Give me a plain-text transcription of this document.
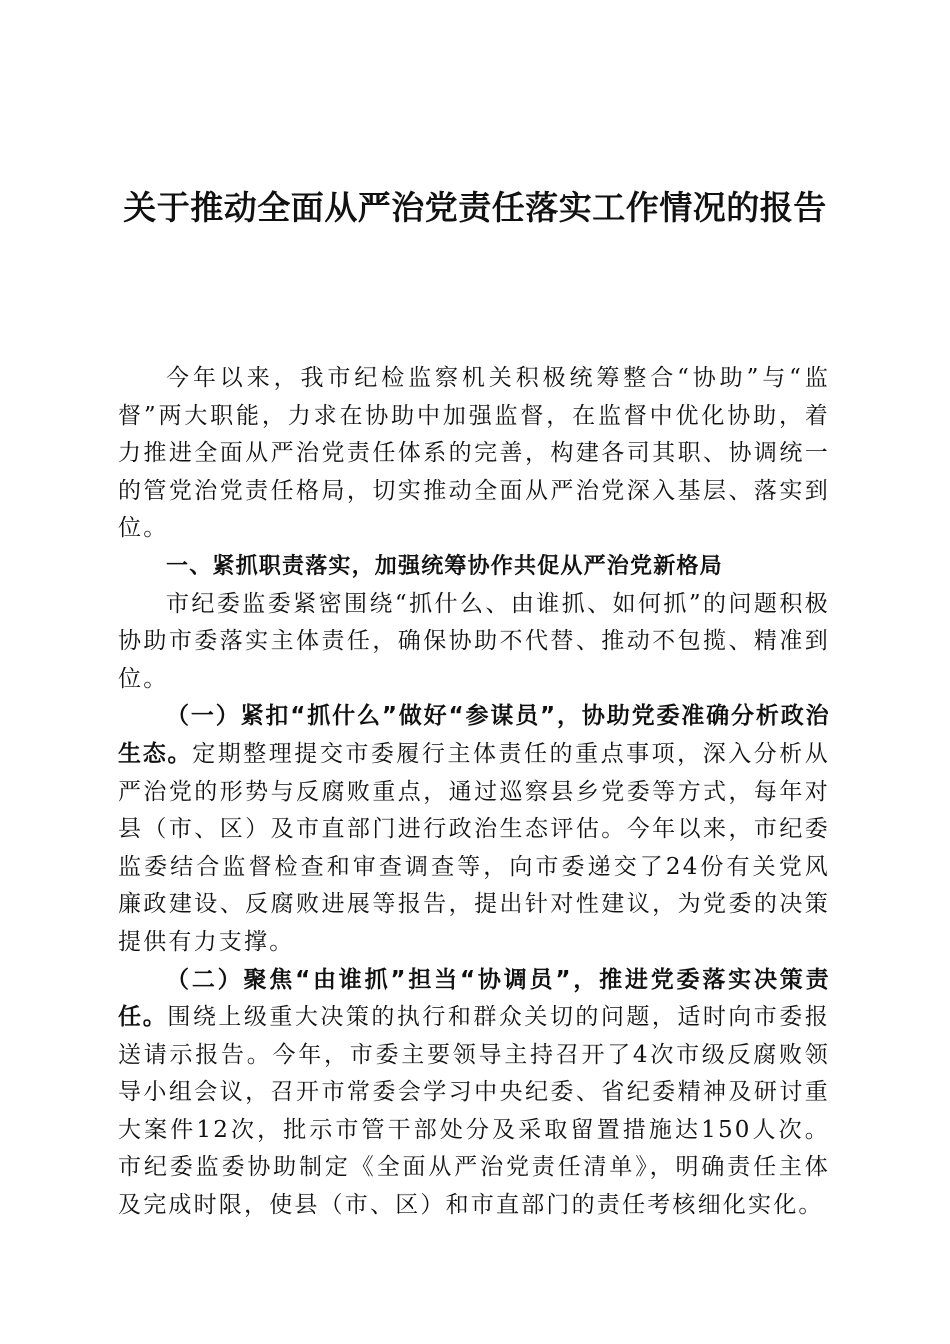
关于推动全面从严治党责任落实工作情况的报告

今年以来，我市纪检监察机关积极统筹整合“协助”与“监督”两大职能，力求在协助中加强监督，在监督中优化协助，着力推进全面从严治党责任体系的完善，构建各司其职、协调统一的管党治党责任格局，切实推动全面从严治党深入基层、落实到位。

一、紧抓职责落实，加强统筹协作共促从严治党新格局

市纪委监委紧密围绕“抓什么、由谁抓、如何抓”的问题积极协助市委落实主体责任，确保协助不代替、推动不包揽、精准到位。

（一）紧扣“抓什么”做好“参谋员”，协助党委准确分析政治生态。定期整理提交市委履行主体责任的重点事项，深入分析从严治党的形势与反腐败重点，通过巡察县乡党委等方式，每年对县（市、区）及市直部门进行政治生态评估。今年以来，市纪委监委结合监督检查和审查调查等，向市委递交了24份有关党风廉政建设、反腐败进展等报告，提出针对性建议，为党委的决策提供有力支撑。

（二）聚焦“由谁抓”担当“协调员”，推进党委落实决策责任。围绕上级重大决策的执行和群众关切的问题，适时向市委报送请示报告。今年，市委主要领导主持召开了4次市级反腐败领导小组会议，召开市常委会学习中央纪委、省纪委精神及研讨重大案件12次，批示市管干部处分及采取留置措施达150人次。市纪委监委协助制定《全面从严治党责任清单》，明确责任主体及完成时限，使县（市、区）和市直部门的责任考核细化实化。
